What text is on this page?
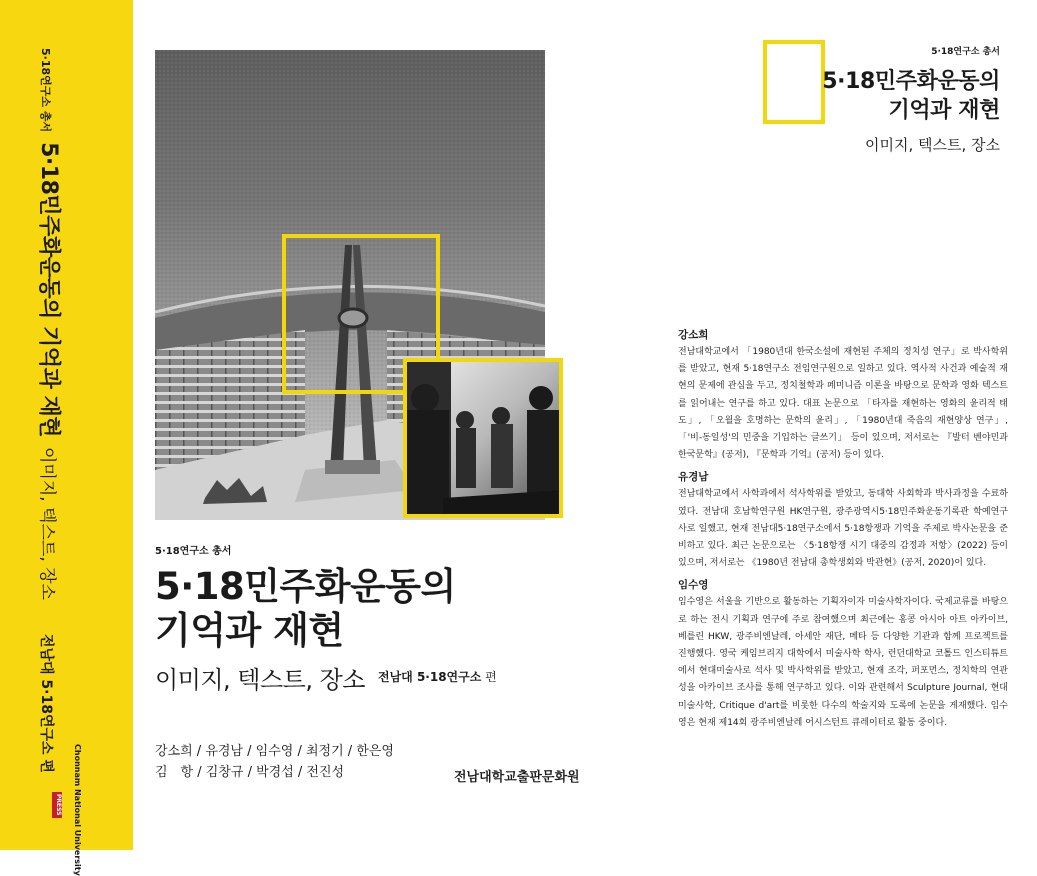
5·18연구소 총서
5·18민주화운동의 기억과 재현
이미지, 텍스트, 장소
전남대 5·18연구소 편
Chonnam National University
PRESS
5·18연구소 총서
5·18민주화운동의
기억과 재현
이미지, 텍스트, 장소 전남대 5·18연구소 편
강소희 / 유경남 / 임수영 / 최정기 / 한은영
김　항 / 김창규 / 박경섭 / 전진성	전남대학교출판문화원
5·18연구소 총서
5·18민주화운동의
기억과 재현
이미지, 텍스트, 장소
강소희
전남대학교에서 「1980년대 한국소설에 재현된 주체의 정치성 연구」로 박사학위를 받았고, 현재 5·18연구소 전임연구원으로 일하고 있다. 역사적 사건과 예술적 재현의 문제에 관심을 두고, 정치철학과 페미니즘 이론을 바탕으로 문학과 영화 텍스트를 읽어내는 연구를 하고 있다. 대표 논문으로 「타자를 재현하는 영화의 윤리적 태도」, 「오월을 호명하는 문학의 윤리」, 「1980년대 죽음의 재현양상 연구」, 「'비-동일성'의 민중을 기입하는 글쓰기」 등이 있으며, 저서로는 『발터 벤야민과 한국문학』(공저), 『문학과 기억』(공저) 등이 있다.
유경남
전남대학교에서 사학과에서 석사학위를 받았고, 동대학 사회학과 박사과정을 수료하였다. 전남대 호남학연구원 HK연구원, 광주광역시5·18민주화운동기록관 학예연구사로 일했고, 현재 전남대5·18연구소에서 5·18항쟁과 기억을 주제로 박사논문을 준비하고 있다. 최근 논문으로는 〈5·18항쟁 시기 대중의 감정과 저항〉(2022) 등이 있으며, 저서로는 《1980년 전남대 총학생회와 박관현》(공저, 2020)이 있다.
임수영
임수영은 서울을 기반으로 활동하는 기획자이자 미술사학자이다. 국제교류를 바탕으로 하는 전시 기획과 연구에 주로 참여했으며 최근에는 홍콩 아시아 아트 아카이브, 베를린 HKW, 광주비엔날레, 아세안 재단, 메타 등 다양한 기관과 함께 프로젝트를 진행했다. 영국 케임브리지 대학에서 미술사학 학사, 런던대학교 코톨드 인스티튜트에서 현대미술사로 석사 및 박사학위를 받았고, 현재 조각, 퍼포먼스, 정치학의 연관성을 아카이브 조사를 통해 연구하고 있다. 이와 관련해서 Sculpture Journal, 현대미술사학, Critique d'art를 비롯한 다수의 학술지와 도록에 논문을 게재했다. 임수영은 현재 제14회 광주비엔날레 어시스턴트 큐레이터로 활동 중이다.
